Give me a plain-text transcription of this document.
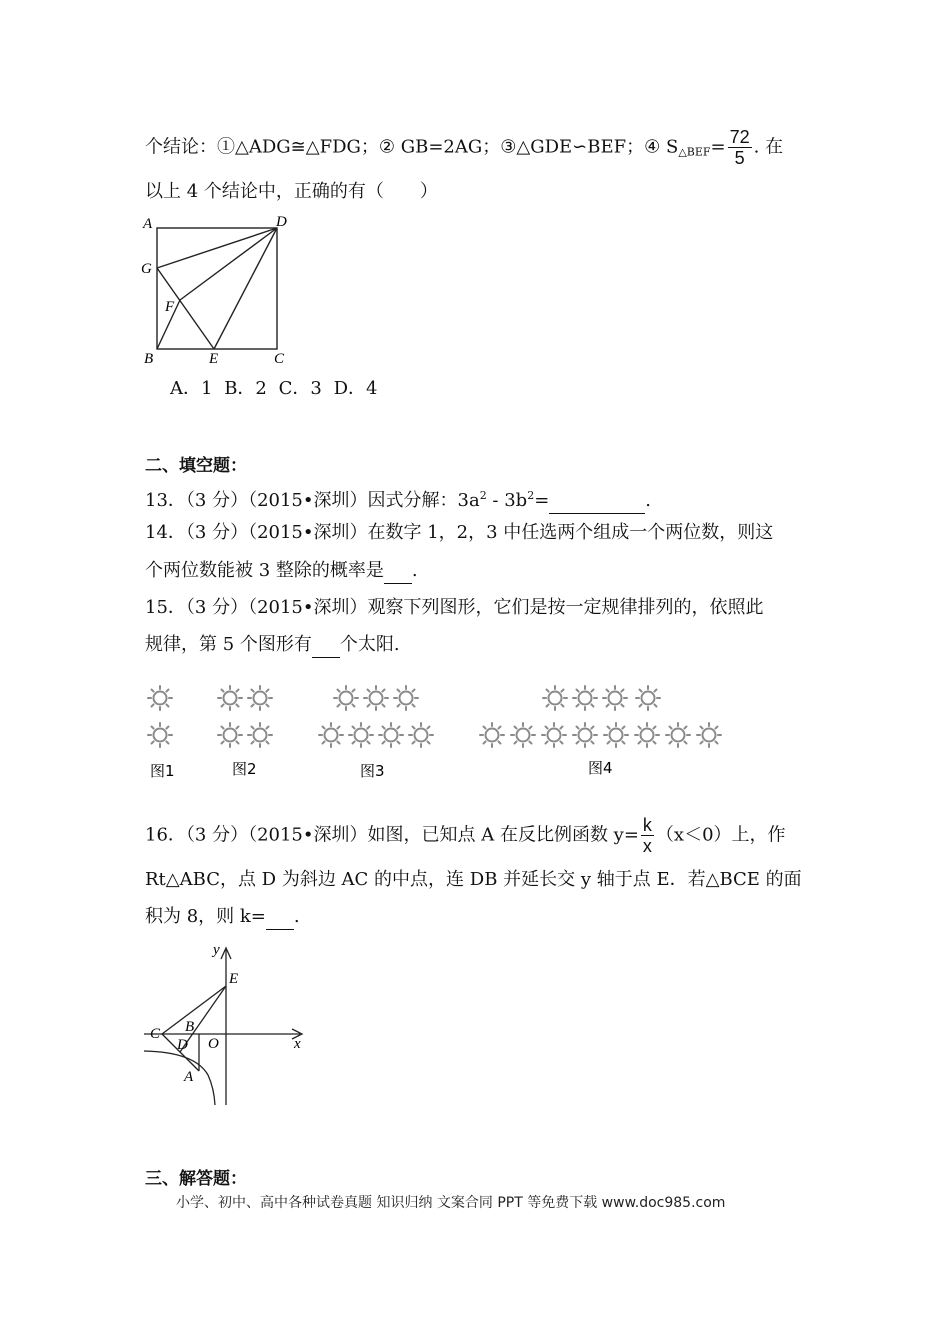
个结论：①△ADG≅△FDG；② GB=2AG；③△GDE∽BEF；④ $S_{\triangle BEF}= \frac{72}{5}$ . 在
以上 4 个结论中，正确的有（　　）
A	D
G
F
B	E	C
A．1 B．2 C．3 D．4
二、填空题：
13．（3 分）（2015•深圳）因式分解：$3a^2 - 3b^2=$	.
14．（3 分）（2015•深圳）在数字 1，2，3 中任选两个组成一个两位数，则这
个两位数能被 3 整除的概率是 .
15．（3 分）（2015•深圳）观察下列图形，它们是按一定规律排列的，依照此
规律，第 5 个图形有 个太阳.
图1	图2	图3	图4
16．（3 分）（2015•深圳）如图，已知点 A 在反比例函数 $y= \frac{k}{x} (x<0)$上，作
Rt△ABC，点 D 为斜边 AC 的中点，连 DB 并延长交 y 轴于点 E．若△BCE 的面
积为 8，则 k= .
y
E
C B
D O	x
A
三、解答题：
小学、初中、高中各种试卷真题 知识归纳 文案合同 PPT 等免费下载 www.doc985.com
